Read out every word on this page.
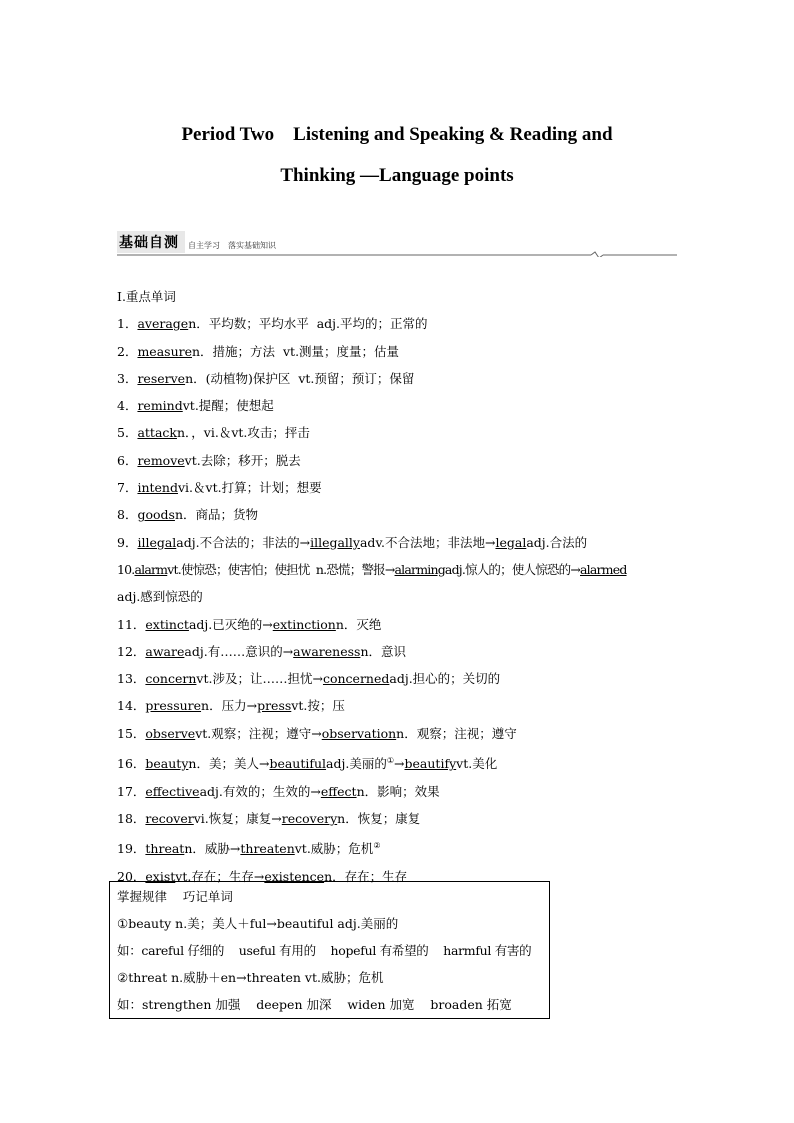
Period Two    Listening and Speaking & Reading and
Thinking —Language points
基础自测 自主学习 落实基础知识
Ⅰ.重点单词
1．averagen．平均数；平均水平  adj.平均的；正常的
2．measuren．措施；方法  vt.测量；度量；估量
3．reserven．(动植物)保护区  vt.预留；预订；保留
4．remindvt.提醒；使想起
5．attackn．，vi.＆vt.攻击；抨击
6．removevt.去除；移开；脱去
7．intendvi.＆vt.打算；计划；想要
8．goodsn．商品；货物
9．illegaladj.不合法的；非法的→illegallyadv.不合法地；非法地→legaladj.合法的
10.alarmvt.使惊恐；使害怕；使担忧  n.恐慌；警报→alarmingadj.惊人的；使人惊恐的→alarmed
adj.感到惊恐的
11．extinctadj.已灭绝的→extinctionn．灭绝
12．awareadj.有……意识的→awarenessn．意识
13．concernvt.涉及；让……担忧→concernedadj.担心的；关切的
14．pressuren．压力→pressvt.按；压
15．observevt.观察；注视；遵守→observationn．观察；注视；遵守
16．beautyn．美；美人→beautifuladj.美丽的①→beautifyvt.美化
17．effectiveadj.有效的；生效的→effectn．影响；效果
18．recovervi.恢复；康复→recoveryn．恢复；康复
19．threatn．威胁→threatenvt.威胁；危机②
20．existvt.存在；生存→existencen．存在；生存
掌握规律    巧记单词
①beauty n.美；美人＋ful→beautiful adj.美丽的
如：careful 仔细的    useful 有用的    hopeful 有希望的    harmful 有害的
②threat n.威胁＋en→threaten vt.威胁；危机
如：strengthen 加强    deepen 加深    widen 加宽    broaden 拓宽
